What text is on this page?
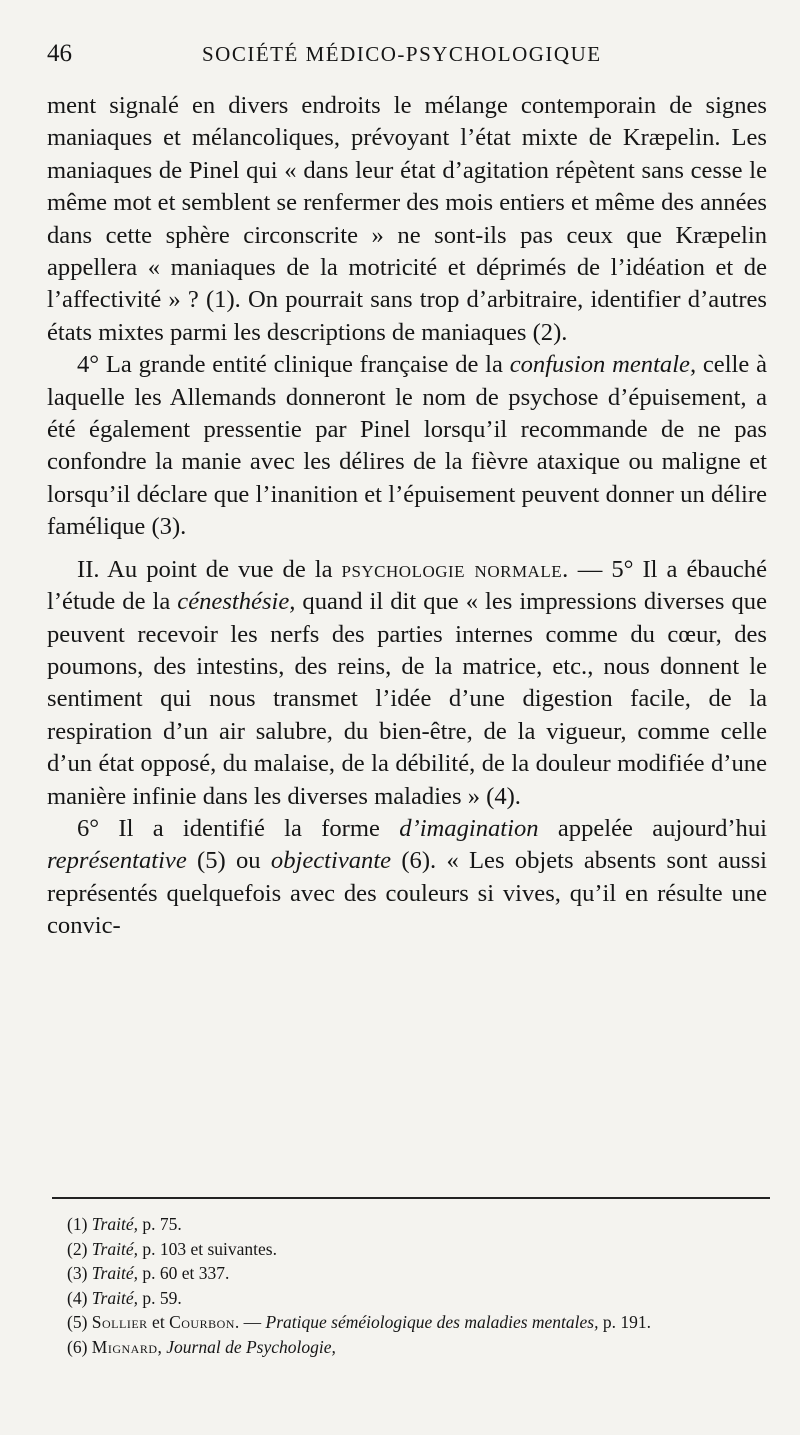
46	SOCIÉTÉ MÉDICO-PSYCHOLOGIQUE

ment signalé en divers endroits le mélange contemporain de signes maniaques et mélancoliques, prévoyant l’état mixte de Kræpelin. Les maniaques de Pinel qui « dans leur état d’agitation répètent sans cesse le même mot et semblent se renfermer des mois entiers et même des années dans cette sphère circonscrite » ne sont-ils pas ceux que Kræpelin appellera « maniaques de la motricité et déprimés de l’idéation et de l’affectivité » ? (1). On pourrait sans trop d’arbitraire, identifier d’autres états mixtes parmi les descriptions de maniaques (2).

4° La grande entité clinique française de la confusion mentale, celle à laquelle les Allemands donneront le nom de psychose d’épuisement, a été également pressentie par Pinel lorsqu’il recommande de ne pas confondre la manie avec les délires de la fièvre ataxique ou maligne et lorsqu’il déclare que l’inanition et l’épuisement peuvent donner un délire famélique (3).

II. Au point de vue de la psychologie normale. — 5° Il a ébauché l’étude de la cénesthésie, quand il dit que « les impressions diverses que peuvent recevoir les nerfs des parties internes comme du cœur, des poumons, des intestins, des reins, de la matrice, etc., nous donnent le sentiment qui nous transmet l’idée d’une digestion facile, de la respiration d’un air salubre, du bien-être, de la vigueur, comme celle d’un état opposé, du malaise, de la débilité, de la douleur modifiée d’une manière infinie dans les diverses maladies » (4).

6° Il a identifié la forme d’imagination appelée aujourd’hui représentative (5) ou objectivante (6). « Les objets absents sont aussi représentés quelquefois avec des couleurs si vives, qu’il en résulte une convic-

(1) Traité, p. 75.
(2) Traité, p. 103 et suivantes.
(3) Traité, p. 60 et 337.
(4) Traité, p. 59.
(5) Sollier et Courbon. — Pratique séméiologique des maladies mentales, p. 191.
(6) Mignard, Journal de Psychologie,
